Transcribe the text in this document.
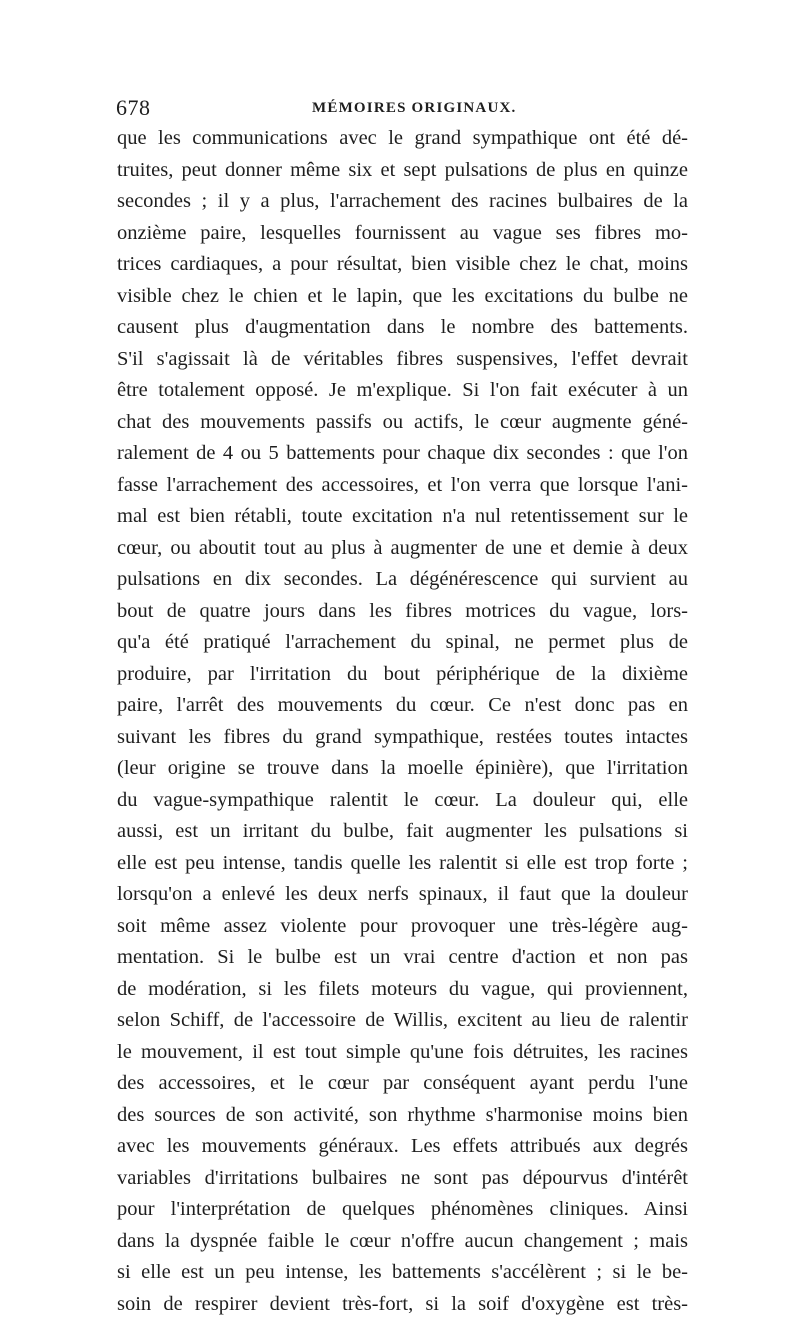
678	MÉMOIRES ORIGINAUX.
que les communications avec le grand sympathique ont été dé-
truites, peut donner même six et sept pulsations de plus en quinze
secondes ; il y a plus, l'arrachement des racines bulbaires de la
onzième paire, lesquelles fournissent au vague ses fibres mo-
trices cardiaques, a pour résultat, bien visible chez le chat, moins
visible chez le chien et le lapin, que les excitations du bulbe ne
causent plus d'augmentation dans le nombre des battements.
S'il s'agissait là de véritables fibres suspensives, l'effet devrait
être totalement opposé. Je m'explique. Si l'on fait exécuter à un
chat des mouvements passifs ou actifs, le cœur augmente géné-
ralement de 4 ou 5 battements pour chaque dix secondes : que l'on
fasse l'arrachement des accessoires, et l'on verra que lorsque l'ani-
mal est bien rétabli, toute excitation n'a nul retentissement sur le
cœur, ou aboutit tout au plus à augmenter de une et demie à deux
pulsations en dix secondes. La dégénérescence qui survient au
bout de quatre jours dans les fibres motrices du vague, lors-
qu'a été pratiqué l'arrachement du spinal, ne permet plus de
produire, par l'irritation du bout périphérique de la dixième
paire, l'arrêt des mouvements du cœur. Ce n'est donc pas en
suivant les fibres du grand sympathique, restées toutes intactes
(leur origine se trouve dans la moelle épinière), que l'irritation
du vague-sympathique ralentit le cœur. La douleur qui, elle
aussi, est un irritant du bulbe, fait augmenter les pulsations si
elle est peu intense, tandis quelle les ralentit si elle est trop forte ;
lorsqu'on a enlevé les deux nerfs spinaux, il faut que la douleur
soit même assez violente pour provoquer une très-légère aug-
mentation. Si le bulbe est un vrai centre d'action et non pas
de modération, si les filets moteurs du vague, qui proviennent,
selon Schiff, de l'accessoire de Willis, excitent au lieu de ralentir
le mouvement, il est tout simple qu'une fois détruites, les racines
des accessoires, et le cœur par conséquent ayant perdu l'une
des sources de son activité, son rhythme s'harmonise moins bien
avec les mouvements généraux. Les effets attribués aux degrés
variables d'irritations bulbaires ne sont pas dépourvus d'intérêt
pour l'interprétation de quelques phénomènes cliniques. Ainsi
dans la dyspnée faible le cœur n'offre aucun changement ; mais
si elle est un peu intense, les battements s'accélèrent ; si le be-
soin de respirer devient très-fort, si la soif d'oxygène est très-
